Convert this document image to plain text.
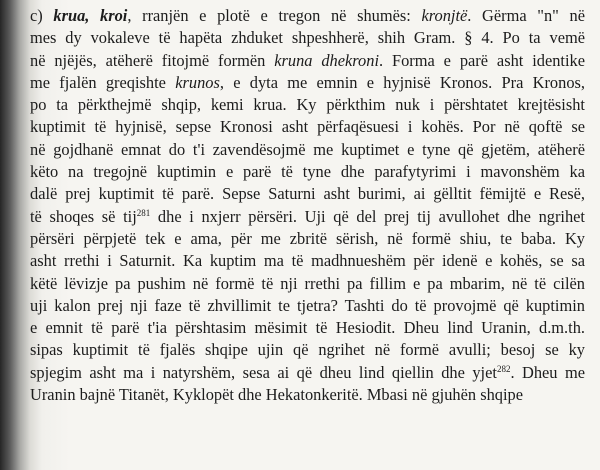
c) krua, kroi, rranjën e plotë e tregon në shumës: kronjtë. Gërma "n" në
mes dy vokaleve të hapëta zhduket shpeshherë, shih Gram. § 4. Po ta vemë
në njëjës, atëherë fitojmë formën kruna dhekroni. Forma e parë asht identike
me fjalën greqishte krunos, e dyta me emnin e hyjnisë Kronos. Pra Kronos,
po ta përkthejmë shqip, kemi krua. Ky përkthim nuk i përshtatet krejtësisht
kuptimit të hyjnisë, sepse Kronosi asht përfaqësuesi i kohës. Por në qoftë se
në gojdhanë emnat do t'i zavendësojmë me kuptimet e tyne që gjetëm, atëherë
këto na tregojnë kuptimin e parë të tyne dhe parafytyrimi i mavonshëm ka
dalë prej kuptimit të parë. Sepse Saturni asht burimi, ai gëlltit fëmijtë e Resë,
të shoqes së tij$^{281}$ dhe i nxjerr përsëri. Uji që del prej tij avullohet dhe ngrihet
përsëri përpjetë tek e ama, për me zbritë sërish, në formë shiu, te baba. Ky
asht rrethi i Saturnit. Ka kuptim ma të madhnueshëm për idenë e kohës, se sa
këtë lëvizje pa pushim në formë të nji rrethi pa fillim e pa mbarim, në të cilën
uji kalon prej nji faze të zhvillimit te tjetra? Tashti do të provojmë që kuptimin
e emnit të parë t'ia përshtasim mësimit të Hesiodit. Dheu lind Uranin, d.m.th.
sipas kuptimit të fjalës shqipe ujin që ngrihet në formë avulli; besoj se ky
spjegim asht ma i natyrshëm, sesa ai që dheu lind qiellin dhe yjet$^{282}$. Dheu me
Uranin bajnë Titanët, Kyklopët dhe Hekatonkeritë. Mbasi në gjuhën shqipe
